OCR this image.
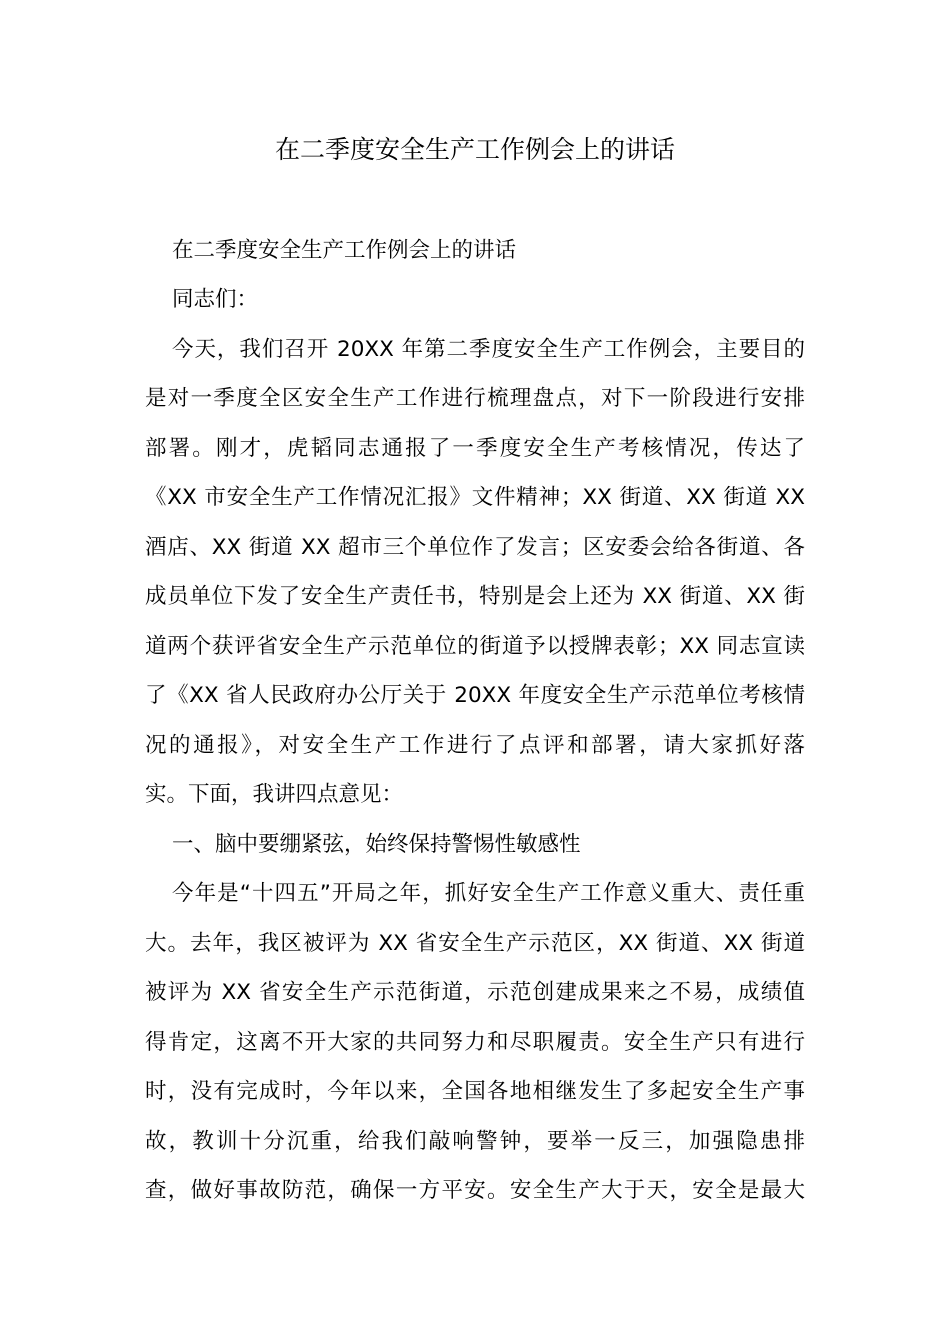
在二季度安全生产工作例会上的讲话
在二季度安全生产工作例会上的讲话
同志们：
今天，我们召开 20XX 年第二季度安全生产工作例会，主要目的
是对一季度全区安全生产工作进行梳理盘点，对下一阶段进行安排
部署。刚才，虎韬同志通报了一季度安全生产考核情况，传达了
《XX 市安全生产工作情况汇报》文件精神；XX 街道、XX 街道 XX
酒店、XX 街道 XX 超市三个单位作了发言；区安委会给各街道、各
成员单位下发了安全生产责任书，特别是会上还为 XX 街道、XX 街
道两个获评省安全生产示范单位的街道予以授牌表彰；XX 同志宣读
了《XX 省人民政府办公厅关于 20XX 年度安全生产示范单位考核情
况的通报》，对安全生产工作进行了点评和部署，请大家抓好落
实。下面，我讲四点意见：
一、脑中要绷紧弦，始终保持警惕性敏感性
今年是“十四五”开局之年，抓好安全生产工作意义重大、责任重
大。去年，我区被评为 XX 省安全生产示范区，XX 街道、XX 街道
被评为 XX 省安全生产示范街道，示范创建成果来之不易，成绩值
得肯定，这离不开大家的共同努力和尽职履责。安全生产只有进行
时，没有完成时，今年以来，全国各地相继发生了多起安全生产事
故，教训十分沉重，给我们敲响警钟，要举一反三，加强隐患排
查，做好事故防范，确保一方平安。安全生产大于天，安全是最大
